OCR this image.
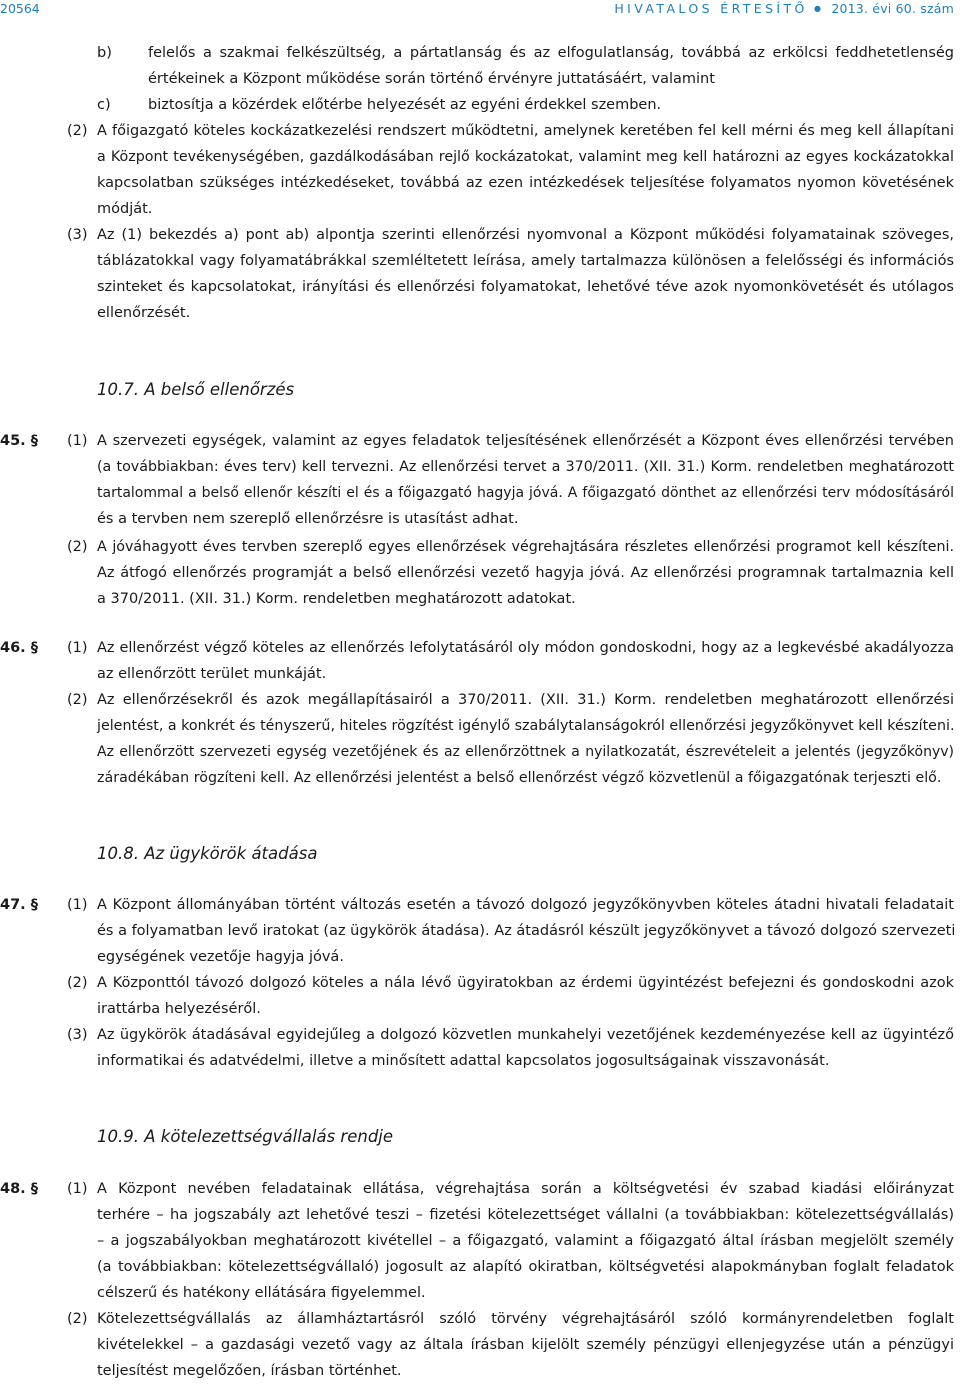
20564	HIVATALOS ÉRTESÍTŐ ● 2013. évi 60. szám
b) felelős a szakmai felkészültség, a pártatlanság és az elfogulatlanság, továbbá az erkölcsi feddhetetlenség
értékeinek a Központ működése során történő érvényre juttatásáért, valamint
c)	biztosítja a közérdek előtérbe helyezését az egyéni érdekkel szemben.
(2) A főigazgató köteles kockázatkezelési rendszert működtetni, amelynek keretében fel kell mérni és meg kell állapítani
a Központ tevékenységében, gazdálkodásában rejlő kockázatokat, valamint meg kell határozni az egyes kockázatokkal
kapcsolatban szükséges intézkedéseket, továbbá az ezen intézkedések teljesítése folyamatos nyomon követésének
módját.
(3) Az (1) bekezdés a) pont ab) alpontja szerinti ellenőrzési nyomvonal a Központ működési folyamatainak szöveges,
táblázatokkal vagy folyamatábrákkal szemléltetett leírása, amely tartalmazza különösen a felelősségi és információs
szinteket és kapcsolatokat, irányítási és ellenőrzési folyamatokat, lehetővé téve azok nyomonkövetését és utólagos
ellenőrzését.
10.7. A belső ellenőrzés
45. § (1) A szervezeti egységek, valamint az egyes feladatok teljesítésének ellenőrzését a Központ éves ellenőrzési tervében
(a továbbiakban: éves terv) kell tervezni. Az ellenőrzési tervet a 370/2011. (XII. 31.) Korm. rendeletben meghatározott
tartalommal a belső ellenőr készíti el és a főigazgató hagyja jóvá. A főigazgató dönthet az ellenőrzési terv módosításáról
és a tervben nem szereplő ellenőrzésre is utasítást adhat.
(2) A jóváhagyott éves tervben szereplő egyes ellenőrzések végrehajtására részletes ellenőrzési programot kell készíteni.
Az átfogó ellenőrzés programját a belső ellenőrzési vezető hagyja jóvá. Az ellenőrzési programnak tartalmaznia kell
a 370/2011. (XII. 31.) Korm. rendeletben meghatározott adatokat.
46. § (1) Az ellenőrzést végző köteles az ellenőrzés lefolytatásáról oly módon gondoskodni, hogy az a legkevésbé akadályozza
az ellenőrzött terület munkáját.
(2) Az ellenőrzésekről és azok megállapításairól a 370/2011. (XII. 31.) Korm. rendeletben meghatározott ellenőrzési
jelentést, a konkrét és tényszerű, hiteles rögzítést igénylő szabálytalanságokról ellenőrzési jegyzőkönyvet kell készíteni.
Az ellenőrzött szervezeti egység vezetőjének és az ellenőrzöttnek a nyilatkozatát, észrevételeit a jelentés (jegyzőkönyv)
záradékában rögzíteni kell. Az ellenőrzési jelentést a belső ellenőrzést végző közvetlenül a főigazgatónak terjeszti elő.
10.8. Az ügykörök átadása
47. § (1) A Központ állományában történt változás esetén a távozó dolgozó jegyzőkönyvben köteles átadni hivatali feladatait
és a folyamatban levő iratokat (az ügykörök átadása). Az átadásról készült jegyzőkönyvet a távozó dolgozó szervezeti
egységének vezetője hagyja jóvá.
(2) A Központtól távozó dolgozó köteles a nála lévő ügyiratokban az érdemi ügyintézést befejezni és gondoskodni azok
irattárba helyezéséről.
(3) Az ügykörök átadásával egyidejűleg a dolgozó közvetlen munkahelyi vezetőjének kezdeményezése kell az ügyintéző
informatikai és adatvédelmi, illetve a minősített adattal kapcsolatos jogosultságainak visszavonását.
10.9. A kötelezettségvállalás rendje
48. § (1) A Központ nevében feladatainak ellátása, végrehajtása során a költségvetési év szabad kiadási előirányzat
terhére – ha jogszabály azt lehetővé teszi – fizetési kötelezettséget vállalni (a továbbiakban: kötelezettségvállalás)
– a jogszabályokban meghatározott kivétellel – a főigazgató, valamint a főigazgató által írásban megjelölt személy
(a továbbiakban: kötelezettségvállaló) jogosult az alapító okiratban, költségvetési alapokmányban foglalt feladatok
célszerű és hatékony ellátására figyelemmel.
(2) Kötelezettségvállalás az államháztartásról szóló törvény végrehajtásáról szóló kormányrendeletben foglalt
kivételekkel – a gazdasági vezető vagy az általa írásban kijelölt személy pénzügyi ellenjegyzése után a pénzügyi
teljesítést megelőzően, írásban történhet.
